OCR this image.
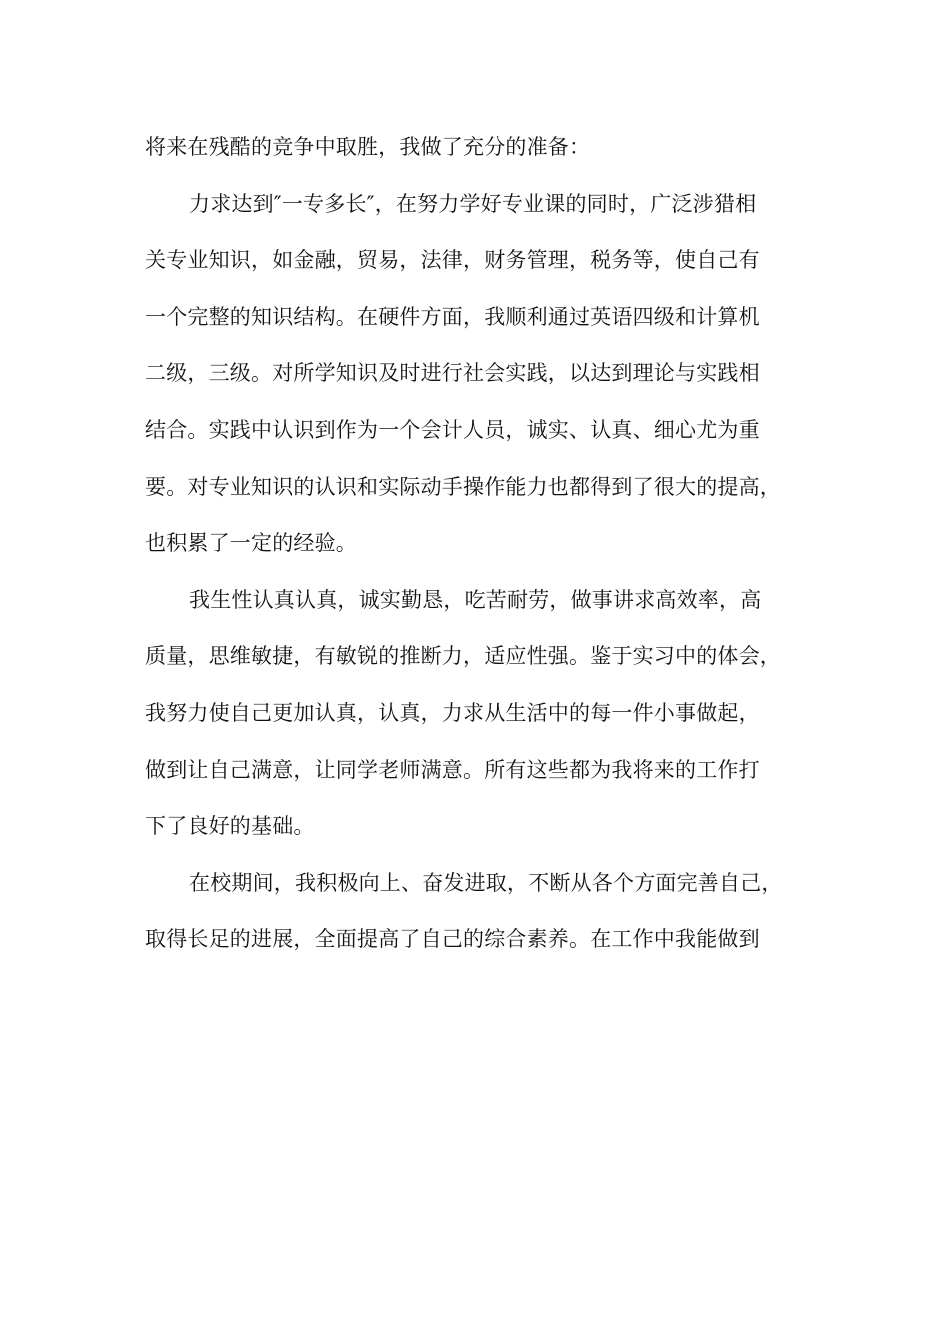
将来在残酷的竞争中取胜，我做了充分的准备：
力求达到″一专多长″，在努力学好专业课的同时，广泛涉猎相
关专业知识，如金融，贸易，法律，财务管理，税务等，使自己有
一个完整的知识结构。在硬件方面，我顺利通过英语四级和计算机
二级，三级。对所学知识及时进行社会实践，以达到理论与实践相
结合。实践中认识到作为一个会计人员，诚实、认真、细心尤为重
要。对专业知识的认识和实际动手操作能力也都得到了很大的提高，
也积累了一定的经验。
我生性认真认真，诚实勤恳，吃苦耐劳，做事讲求高效率，高
质量，思维敏捷，有敏锐的推断力，适应性强。鉴于实习中的体会，
我努力使自己更加认真，认真，力求从生活中的每一件小事做起，
做到让自己满意，让同学老师满意。所有这些都为我将来的工作打
下了良好的基础。
在校期间，我积极向上、奋发进取，不断从各个方面完善自己，
取得长足的进展，全面提高了自己的综合素养。在工作中我能做到
